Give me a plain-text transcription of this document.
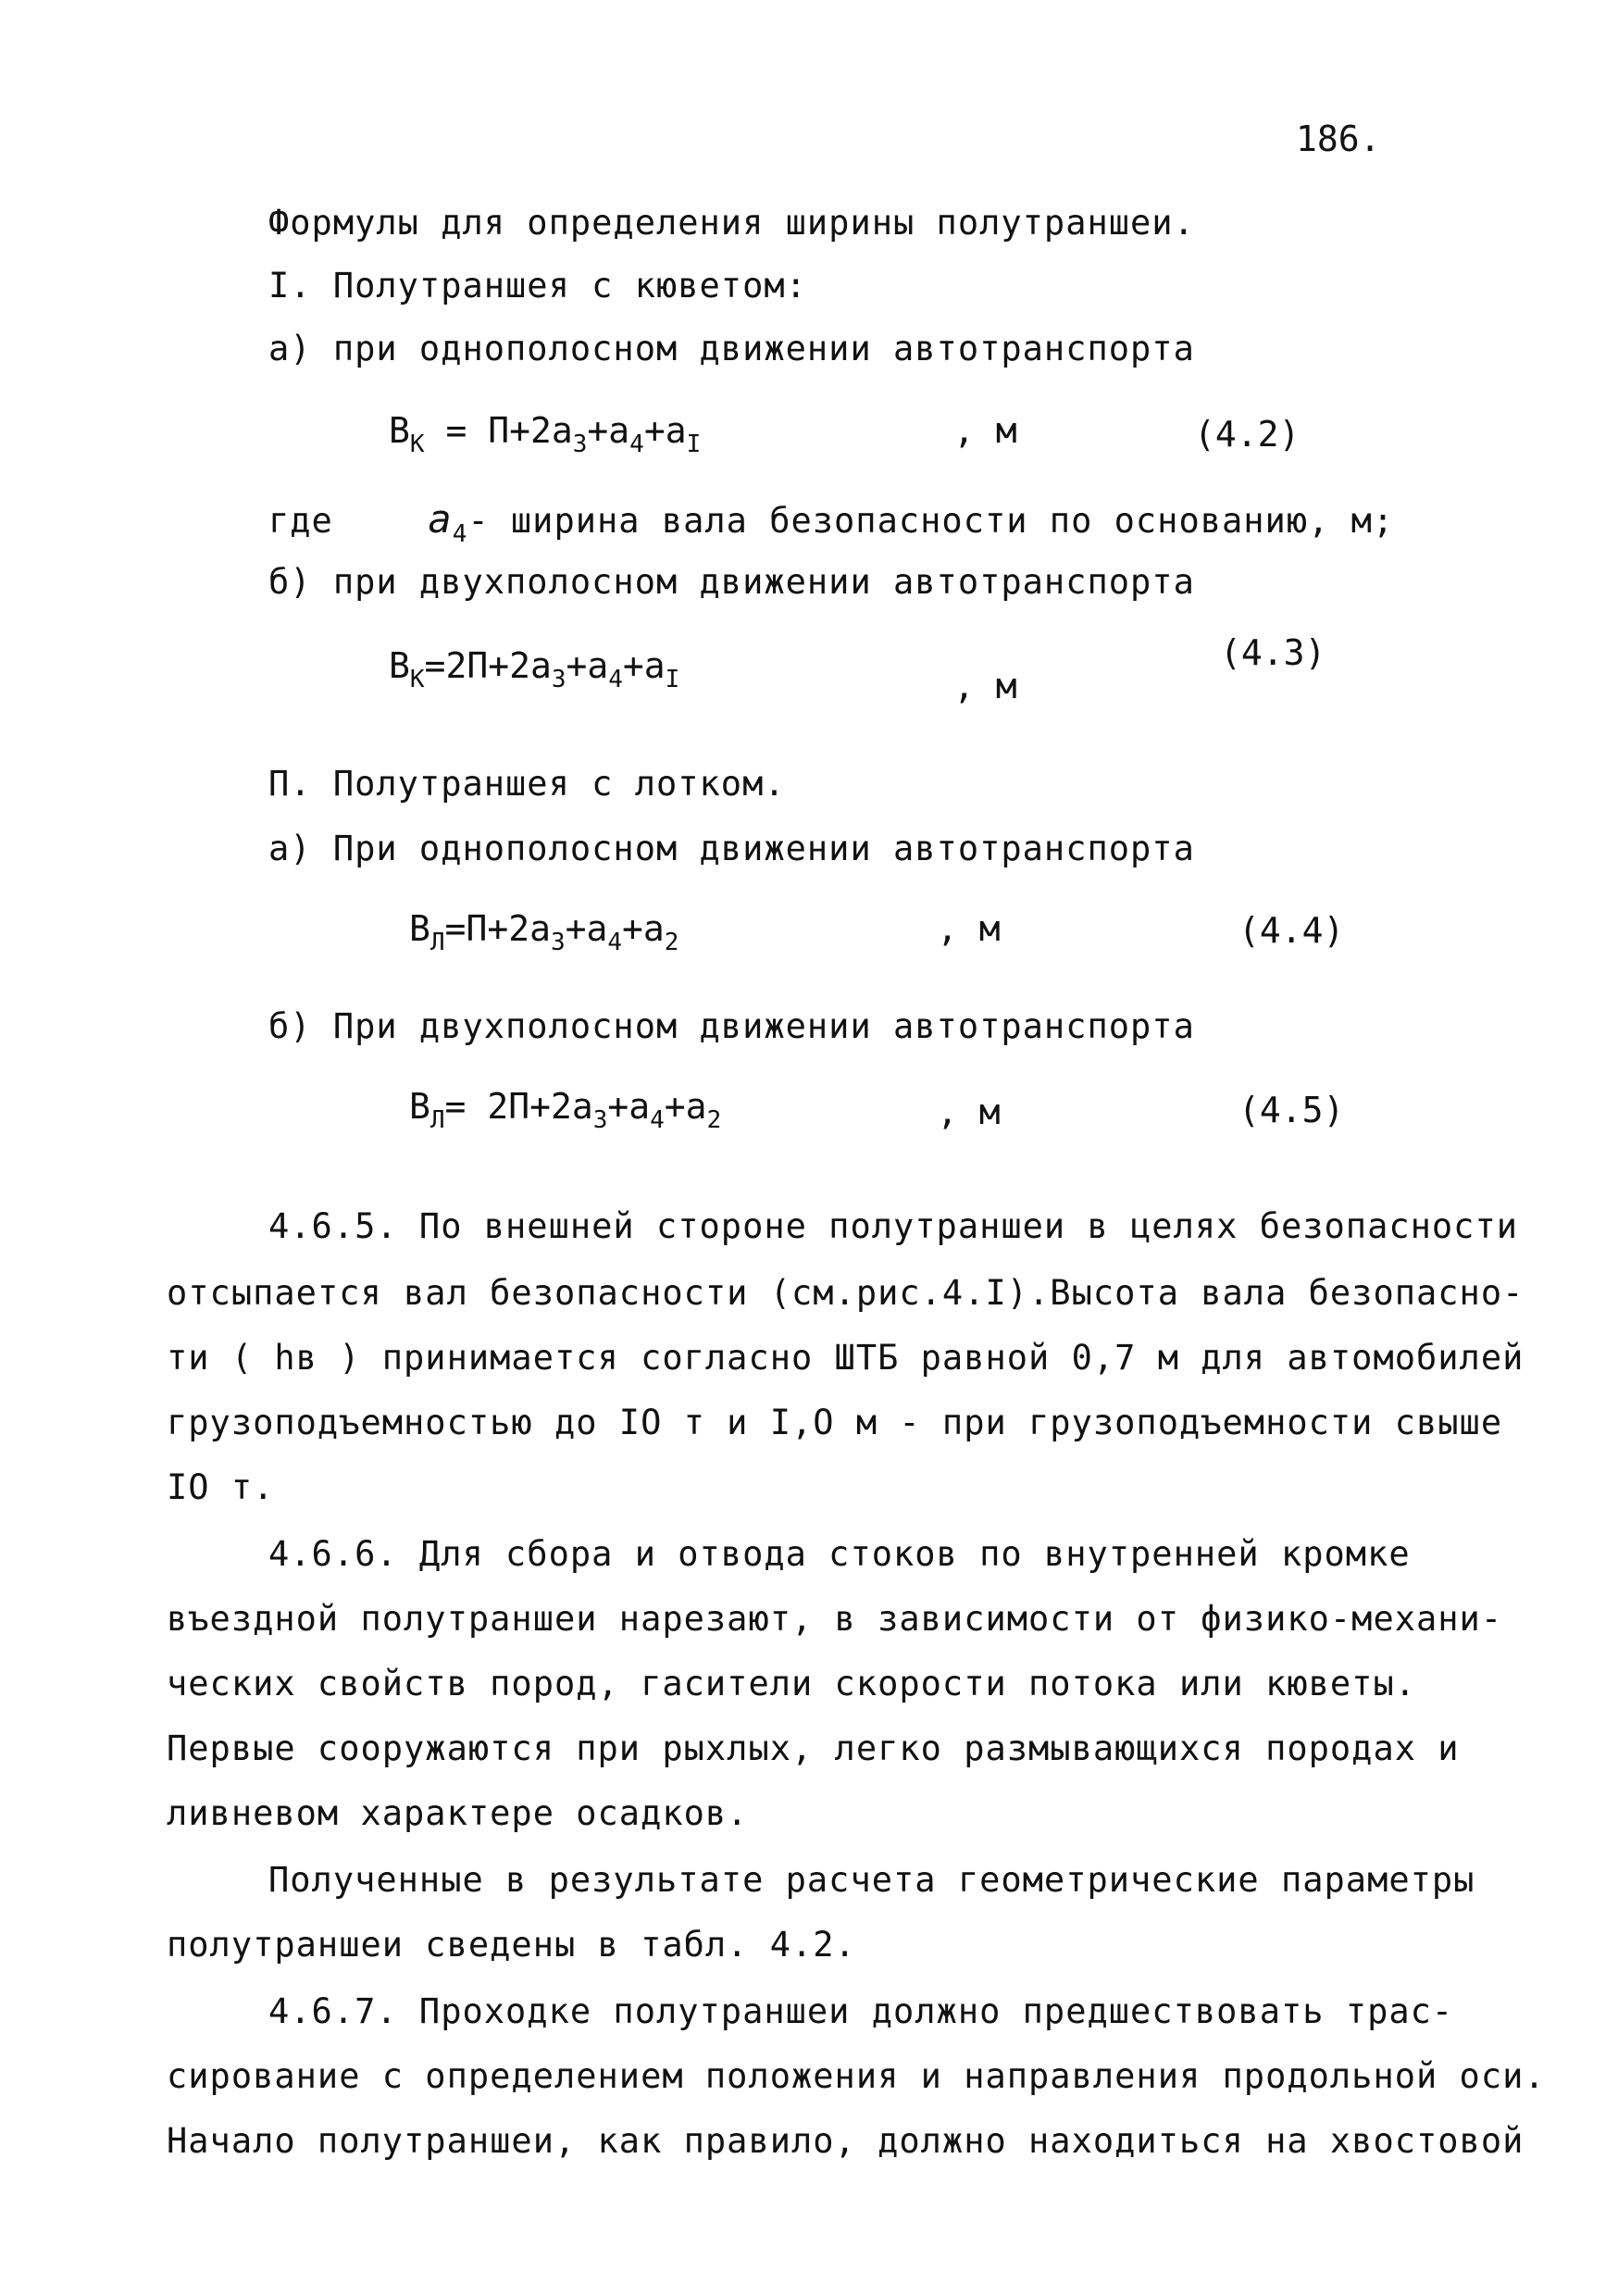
186.
Формулы для определения ширины полутраншеи.
I. Полутраншея с кюветом:
а) при однополосном движении автотранспорта
$B_К = П+2a_3+a_4+a_I$	, м	(4.2)
где $a_4-$ ширина вала безопасности по основанию, м;
б) при двухполосном движении автотранспорта
$B_К=2П+2a_3+a_4+a_I$	, м
(4.3)
П. Полутраншея с лотком.
а) При однополосном движении автотранспорта
$B_Л=П+2a_3+a_4+a_2$	, м	(4.4)
б) При двухполосном движении автотранспорта
$B_Л= 2П+2a_3+a_4+a_2$	, м	(4.5)
4.6.5. По внешней стороне полутраншеи в целях безопасности
отсыпается вал безопасности (см.рис.4.I).Высота вала безопасно-
ти ( hв ) принимается согласно ШТБ равной 0,7 м для автомобилей
грузоподъемностью до IO т и I,O м - при грузоподъемности свыше
IO т.
4.6.6. Для сбора и отвода стоков по внутренней кромке
въездной полутраншеи нарезают, в зависимости от физико-механи-
ческих свойств пород, гасители скорости потока или кюветы.
Первые сооружаются при рыхлых, легко размывающихся породах и
ливневом характере осадков.
Полученные в результате расчета геометрические параметры
полутраншеи сведены в табл. 4.2.
4.6.7. Проходке полутраншеи должно предшествовать трас-
сирование с определением положения и направления продольной оси.
Начало полутраншеи, как правило, должно находиться на хвостовой
